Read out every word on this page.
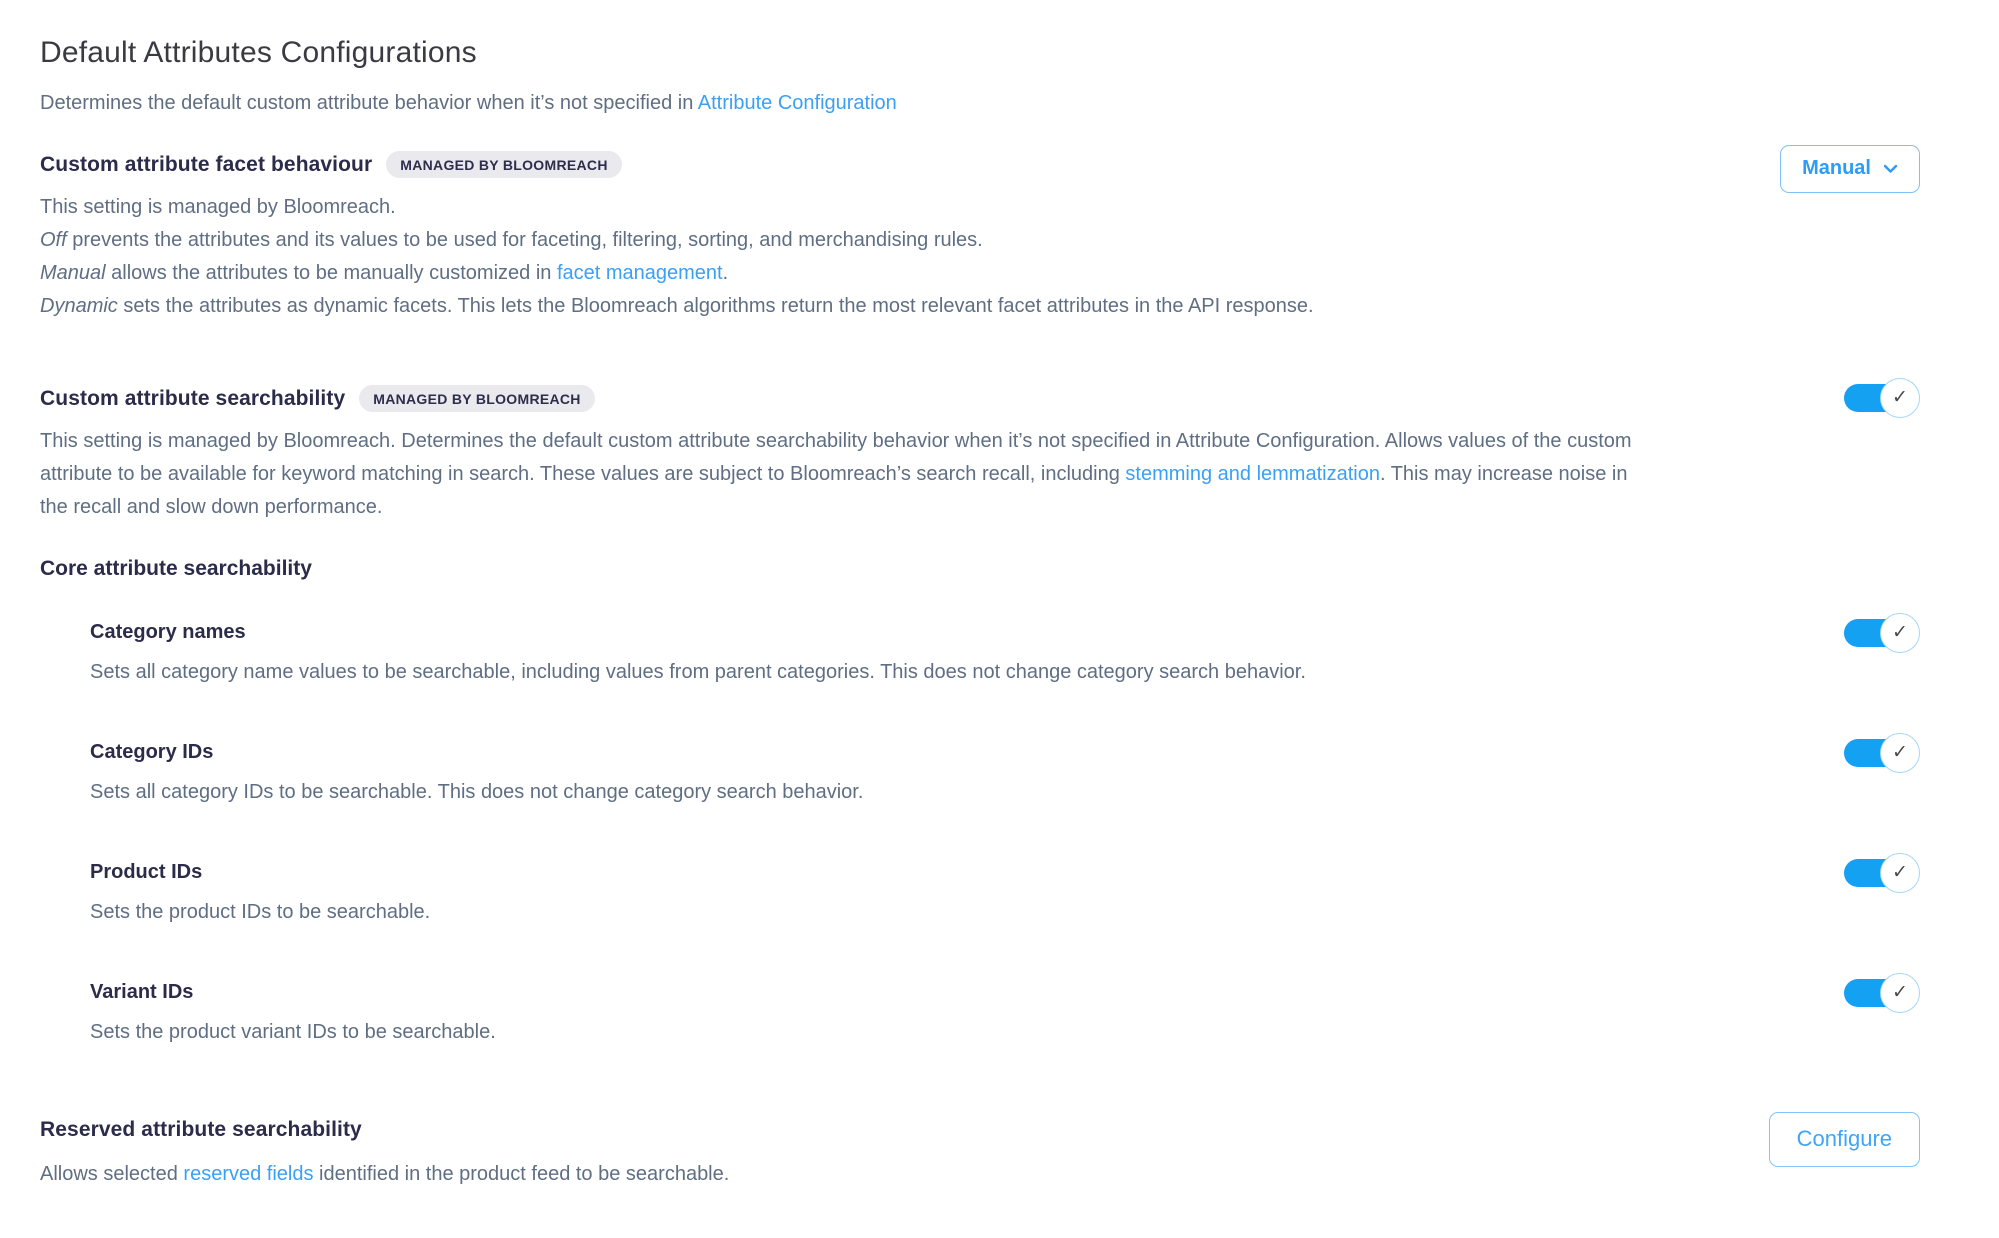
Default Attributes Configurations

Determines the default custom attribute behavior when it’s not specified in Attribute Configuration

Custom attribute facet behaviour	MANAGED BY BLOOMREACH
This setting is managed by Bloomreach.
Off prevents the attributes and its values to be used for faceting, filtering, sorting, and merchandising rules.
Manual allows the attributes to be manually customized in facet management.
Dynamic sets the attributes as dynamic facets. This lets the Bloomreach algorithms return the most relevant facet attributes in the API response.
Manual
Custom attribute searchability	MANAGED BY BLOOMREACH
This setting is managed by Bloomreach. Determines the default custom attribute searchability behavior when it’s not specified in Attribute Configuration. Allows values of the custom attribute to be available for keyword matching in search. These values are subject to Bloomreach’s search recall, including stemming and lemmatization. This may increase noise in the recall and slow down performance.
✓
Core attribute searchability
Category names
Sets all category name values to be searchable, including values from parent categories. This does not change category search behavior.
✓
Category IDs
Sets all category IDs to be searchable. This does not change category search behavior.
✓
Product IDs
Sets the product IDs to be searchable.
✓
Variant IDs
Sets the product variant IDs to be searchable.
✓
Reserved attribute searchability
Allows selected reserved fields identified in the product feed to be searchable.
Configure
